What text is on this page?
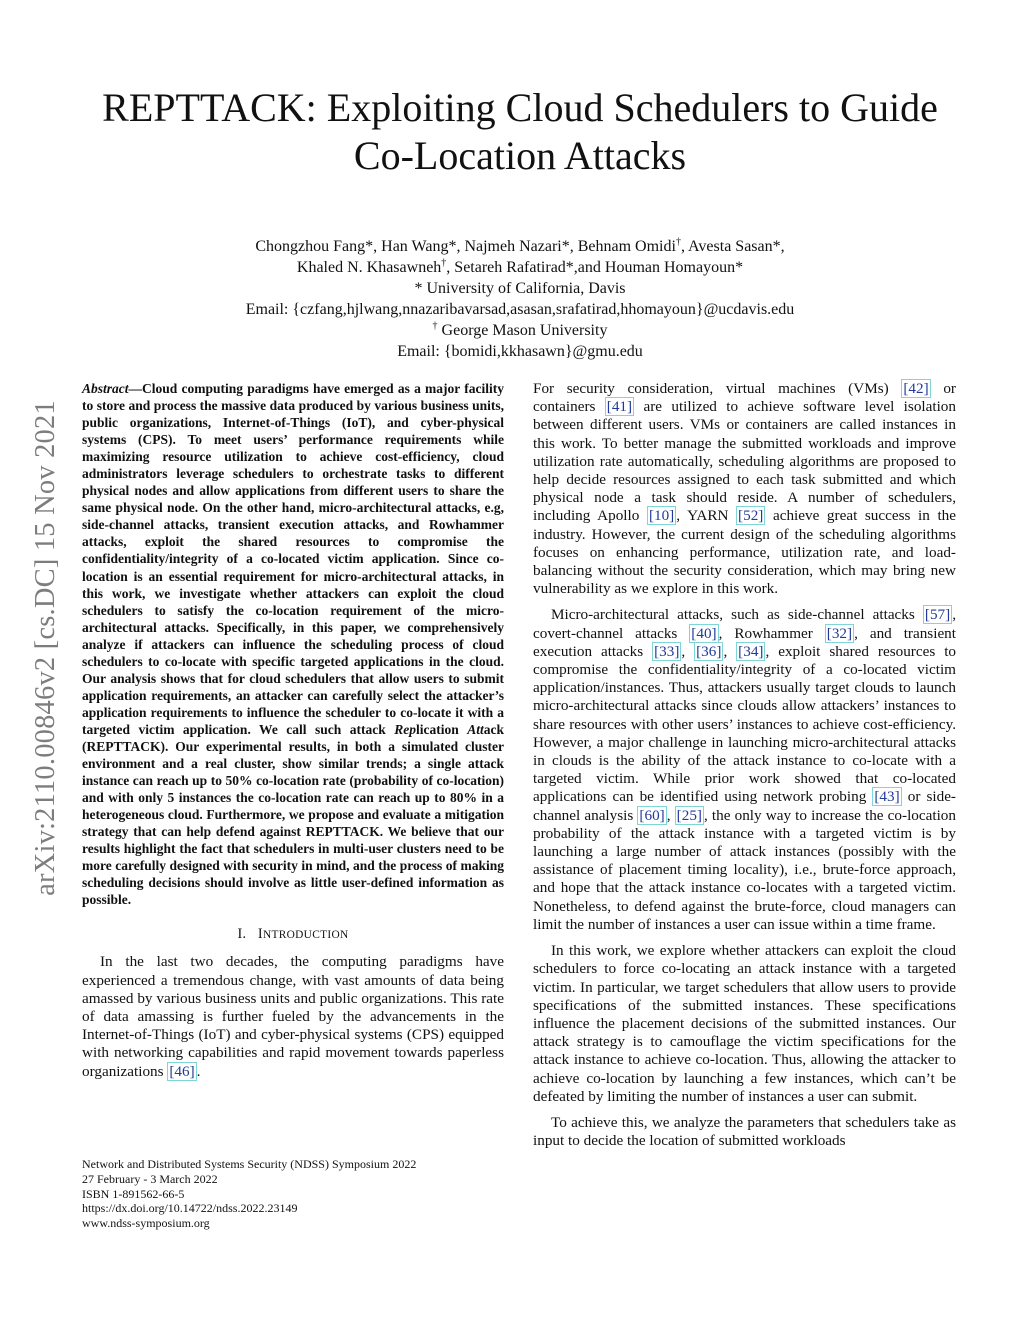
arXiv:2110.00846v2 [cs.DC] 15 Nov 2021
REPTTACK: Exploiting Cloud Schedulers to Guide
Co-Location Attacks
Chongzhou Fang*, Han Wang*, Najmeh Nazari*, Behnam Omidi†, Avesta Sasan*,
Khaled N. Khasawneh†, Setareh Rafatirad*,and Houman Homayoun*
* University of California, Davis
Email: {czfang,hjlwang,nnazaribavarsad,asasan,srafatirad,hhomayoun}@ucdavis.edu
† George Mason University
Email: {bomidi,kkhasawn}@gmu.edu

Abstract—Cloud computing paradigms have emerged as a major facility to store and process the massive data produced by various business units, public organizations, Internet-of-Things (IoT), and cyber-physical systems (CPS). To meet users’ performance requirements while maximizing resource utilization to achieve cost-efficiency, cloud administrators leverage schedulers to orchestrate tasks to different physical nodes and allow applications from different users to share the same physical node. On the other hand, micro-architectural attacks, e.g, side-channel attacks, transient execution attacks, and Rowhammer attacks, exploit the shared resources to compromise the confidentiality/integrity of a co-located victim application. Since co-location is an essential requirement for micro-architectural attacks, in this work, we investigate whether attackers can exploit the cloud schedulers to satisfy the co-location requirement of the micro-architectural attacks. Specifically, in this paper, we comprehensively analyze if attackers can influence the scheduling process of cloud schedulers to co-locate with specific targeted applications in the cloud. Our analysis shows that for cloud schedulers that allow users to submit application requirements, an attacker can carefully select the attacker’s application requirements to influence the scheduler to co-locate it with a targeted victim application. We call such attack Replication Attack (REPTTACK). Our experimental results, in both a simulated cluster environment and a real cluster, show similar trends; a single attack instance can reach up to 50% co-location rate (probability of co-location) and with only 5 instances the co-location rate can reach up to 80% in a heterogeneous cloud. Furthermore, we propose and evaluate a mitigation strategy that can help defend against REPTTACK. We believe that our results highlight the fact that schedulers in multi-user clusters need to be more carefully designed with security in mind, and the process of making scheduling decisions should involve as little user-defined information as possible.

I. INTRODUCTION

In the last two decades, the computing paradigms have experienced a tremendous change, with vast amounts of data being amassed by various business units and public organizations. This rate of data amassing is further fueled by the advancements in the Internet-of-Things (IoT) and cyber-physical systems (CPS) equipped with networking capabilities and rapid movement towards paperless organizations [46] .

Network and Distributed Systems Security (NDSS) Symposium 2022
27 February - 3 March 2022
ISBN 1-891562-66-5
https://dx.doi.org/10.14722/ndss.2022.23149
www.ndss-symposium.org

For security consideration, virtual machines (VMs) [42] or containers [41] are utilized to achieve software level isolation between different users. VMs or containers are called instances in this work. To better manage the submitted workloads and improve utilization rate automatically, scheduling algorithms are proposed to help decide resources assigned to each task submitted and which physical node a task should reside. A number of schedulers, including Apollo [10] , YARN [52] achieve great success in the industry. However, the current design of the scheduling algorithms focuses on enhancing performance, utilization rate, and load-balancing without the security consideration, which may bring new vulnerability as we explore in this work.

Micro-architectural attacks, such as side-channel attacks [57] , covert-channel attacks [40] , Rowhammer [32] , and transient execution attacks [33] , [36] , [34] , exploit shared resources to compromise the confidentiality/integrity of a co-located victim application/instances. Thus, attackers usually target clouds to launch micro-architectural attacks since clouds allow attackers’ instances to share resources with other users’ instances to achieve cost-efficiency. However, a major challenge in launching micro-architectural attacks in clouds is the ability of the attack instance to co-locate with a targeted victim. While prior work showed that co-located applications can be identified using network probing [43] or side-channel analysis [60] , [25] , the only way to increase the co-location probability of the attack instance with a targeted victim is by launching a large number of attack instances (possibly with the assistance of placement timing locality), i.e., brute-force approach, and hope that the attack instance co-locates with a targeted victim. Nonetheless, to defend against the brute-force, cloud managers can limit the number of instances a user can issue within a time frame.

In this work, we explore whether attackers can exploit the cloud schedulers to force co-locating an attack instance with a targeted victim. In particular, we target schedulers that allow users to provide specifications of the submitted instances. These specifications influence the placement decisions of the submitted instances. Our attack strategy is to camouflage the victim specifications for the attack instance to achieve co-location. Thus, allowing the attacker to achieve co-location by launching a few instances, which can’t be defeated by limiting the number of instances a user can submit.

To achieve this, we analyze the parameters that schedulers take as input to decide the location of submitted workloads
